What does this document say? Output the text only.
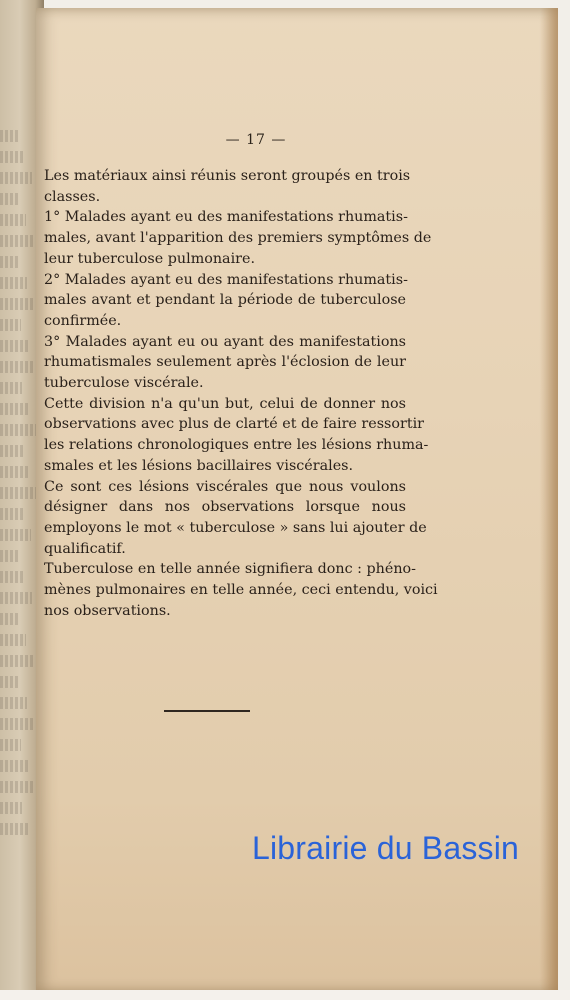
— 17 —
Les matériaux ainsi réunis seront groupés en trois
classes.
1° Malades ayant eu des manifestations rhumatis-
males, avant l'apparition des premiers symptômes de
leur tuberculose pulmonaire.
2° Malades ayant eu des manifestations rhumatis-
males avant et pendant la période de tuberculose
confirmée.
3° Malades ayant eu ou ayant des manifestations
rhumatismales seulement après l'éclosion de leur
tuberculose viscérale.
Cette division n'a qu'un but, celui de donner nos
observations avec plus de clarté et de faire ressortir
les relations chronologiques entre les lésions rhuma-
smales et les lésions bacillaires viscérales.
Ce sont ces lésions viscérales que nous voulons
désigner dans nos observations lorsque nous
employons le mot « tuberculose » sans lui ajouter de
qualificatif.
Tuberculose en telle année signifiera donc : phéno-
mènes pulmonaires en telle année, ceci entendu, voici
nos observations.
Librairie du Bassin
